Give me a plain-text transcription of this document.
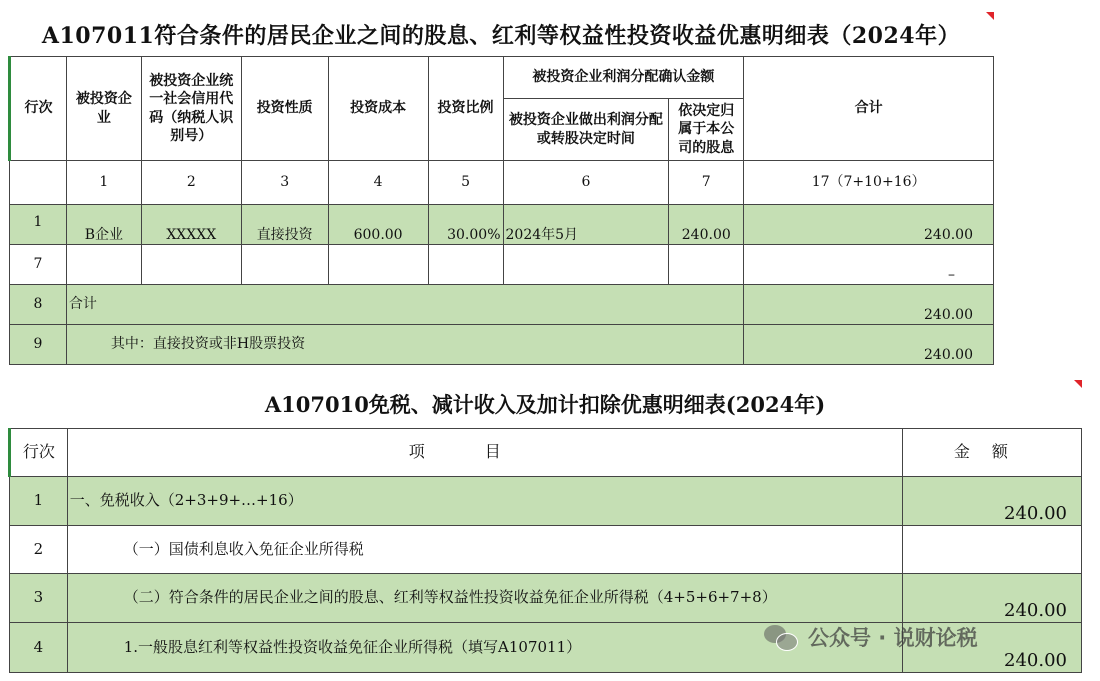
A107011符合条件的居民企业之间的股息、红利等权益性投资收益优惠明细表（2024年）
行次	被投资企业	被投资企业统一社会信用代码（纳税人识别号）	投资性质	投资成本	投资比例	被投资企业利润分配确认金额		合计
						被投资企业做出利润分配或转股决定时间	依决定归属于本公司的股息	
	1	2	3	4	5	6	7	17（7+10+16）
1	B企业	XXXXX	直接投资	600.00	30.00%	2024年5月	240.00	240.00
7								–
8	合计							240.00
9	其中：直接投资或非H股票投资							240.00
A107010免税、减计收入及加计扣除优惠明细表(2024年)
行次	项目	金额
1	一、免税收入（2+3+9+…+16）	240.00
2	（一）国债利息收入免征企业所得税	
3	（二）符合条件的居民企业之间的股息、红利等权益性投资收益免征企业所得税（4+5+6+7+8）	240.00
4	1.一般股息红利等权益性投资收益免征企业所得税（填写A107011）	240.00
公众号 · 说财论税
